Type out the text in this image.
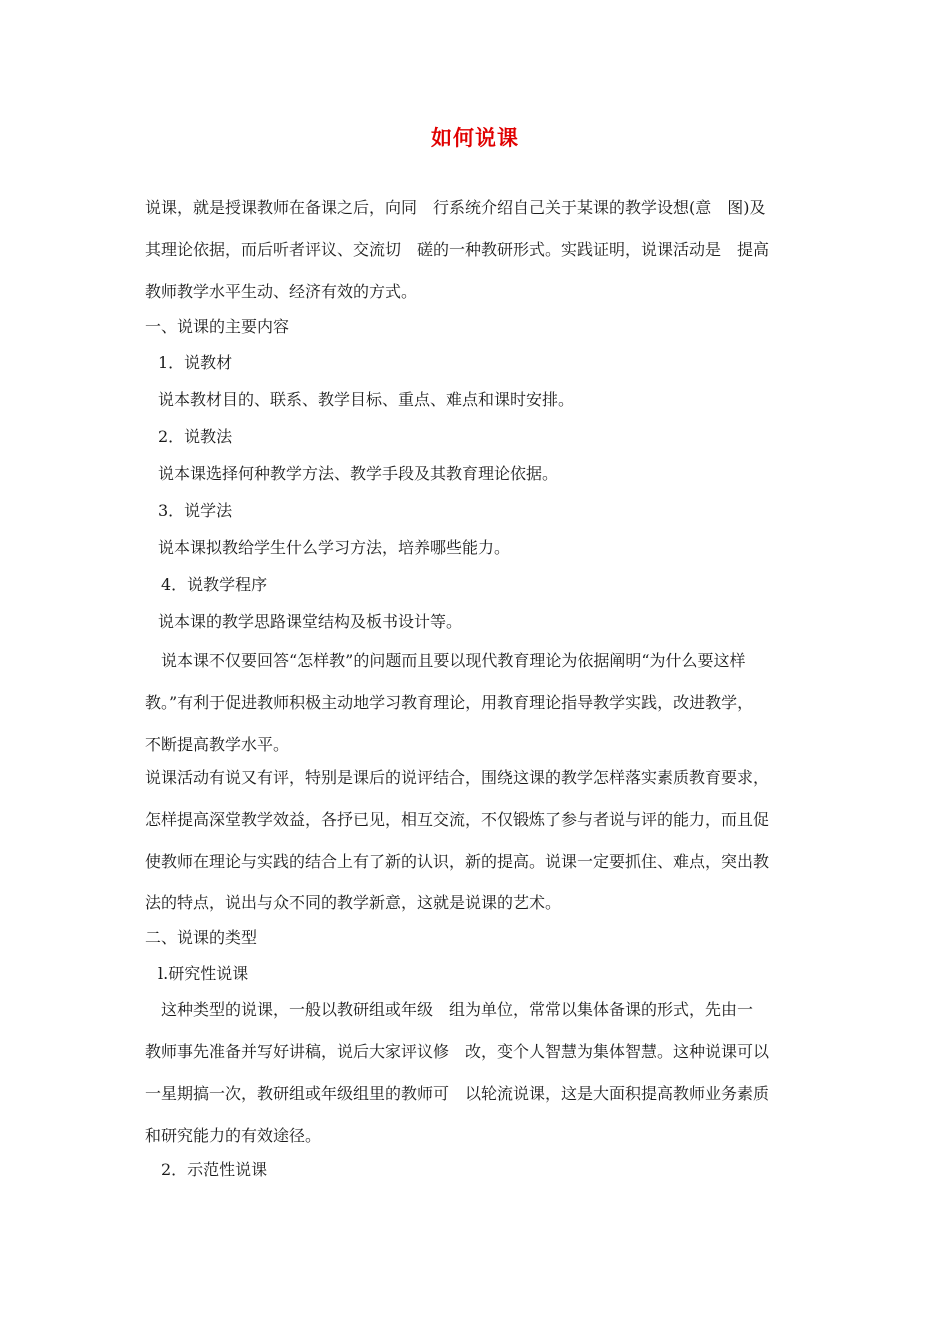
如何说课
说课，就是授课教师在备课之后，向同　行系统介绍自己关于某课的教学设想(意　图)及
其理论依据，而后听者评议、交流切　磋的一种教研形式。实践证明，说课活动是　提高
教师教学水平生动、经济有效的方式。
一、说课的主要内容
1．说教材
说本教材目的、联系、教学目标、重点、难点和课时安排。
2．说教法
说本课选择何种教学方法、教学手段及其教育理论依据。
3．说学法
说本课拟教给学生什么学习方法，培养哪些能力。
4．说教学程序
说本课的教学思路课堂结构及板书设计等。
说本课不仅要回答“怎样教”的问题而且要以现代教育理论为依据阐明“为什么要这样
教。”有利于促进教师积极主动地学习教育理论，用教育理论指导教学实践，改进教学，
不断提高教学水平。
说课活动有说又有评，特别是课后的说评结合，围绕这课的教学怎样落实素质教育要求，
怎样提高深堂教学效益，各抒已见，相互交流，不仅锻炼了参与者说与评的能力，而且促
使教师在理论与实践的结合上有了新的认识，新的提高。说课一定要抓住、难点，突出教
法的特点，说出与众不同的教学新意，这就是说课的艺术。
二、说课的类型
l.研究性说课
这种类型的说课，一般以教研组或年级　组为单位，常常以集体备课的形式，先由一
教师事先准备并写好讲稿，说后大家评议修　改，变个人智慧为集体智慧。这种说课可以
一星期搞一次，教研组或年级组里的教师可　以轮流说课，这是大面积提高教师业务素质
和研究能力的有效途径。
2．示范性说课
